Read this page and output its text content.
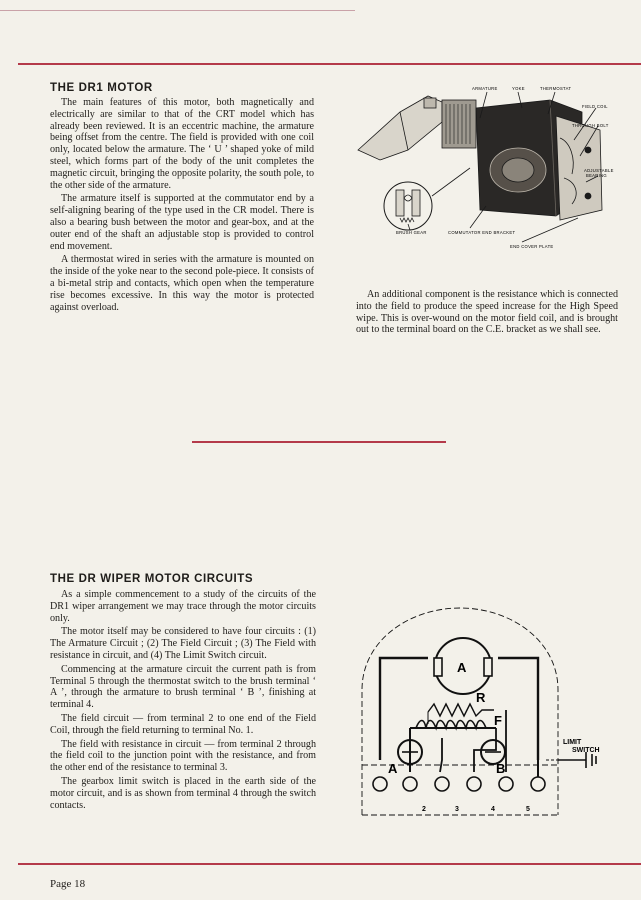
THE DR1 MOTOR

The main features of this motor, both magnetically and electrically are similar to that of the CRT model which has already been reviewed. It is an eccentric machine, the armature being offset from the centre. The field is provided with one coil only, located below the armature. The ‘ U ’ shaped yoke of mild steel, which forms part of the body of the unit completes the magnetic circuit, bringing the opposite polarity, the south pole, to the other side of the armature.

The armature itself is supported at the commutator end by a self-aligning bearing of the type used in the CR model. There is also a bearing bush between the motor and gear-box, and at the outer end of the shaft an adjustable stop is provided to control end movement.

A thermostat wired in series with the armature is mounted on the inside of the yoke near to the second pole-piece. It consists of a bi-metal strip and contacts, which open when the temperature rise becomes excessive. In this way the motor is protected against overload.

ARMATURE	YOKE	THERMOSTAT
FIELD COIL
THROUGH BOLT
ADJUSTABLE
BEARING
BRUSH GEAR	COMMUTATOR END BRACKET
END COVER PLATE

An additional component is the resistance which is connected into the field to produce the speed increase for the High Speed wipe. This is over-wound on the motor field coil, and is brought out to the terminal board on the C.E. bracket as we shall see.

THE DR WIPER MOTOR CIRCUITS

As a simple commencement to a study of the circuits of the DR1 wiper arrangement we may trace through the motor circuits only.

The motor itself may be considered to have four circuits : (1) The Armature Circuit ; (2) The Field Circuit ; (3) The Field with resistance in circuit, and (4) The Limit Switch circuit.

Commencing at the armature circuit the current path is from Terminal 5 through the thermostat switch to the brush terminal ‘ A ’, through the armature to brush terminal ‘ B ’, finishing at terminal 4.

The field circuit — from terminal 2 to one end of the Field Coil, through the field returning to terminal No. 1.

The field with resistance in circuit — from terminal 2 through the field coil to the junction point with the resistance, and from the other end of the resistance to terminal 3.

The gearbox limit switch is placed in the earth side of the motor circuit, and is as shown from terminal 4 through the switch contacts.

A
R
F
A	B
LIMIT
SWITCH
2	3	4	5
Page 18
